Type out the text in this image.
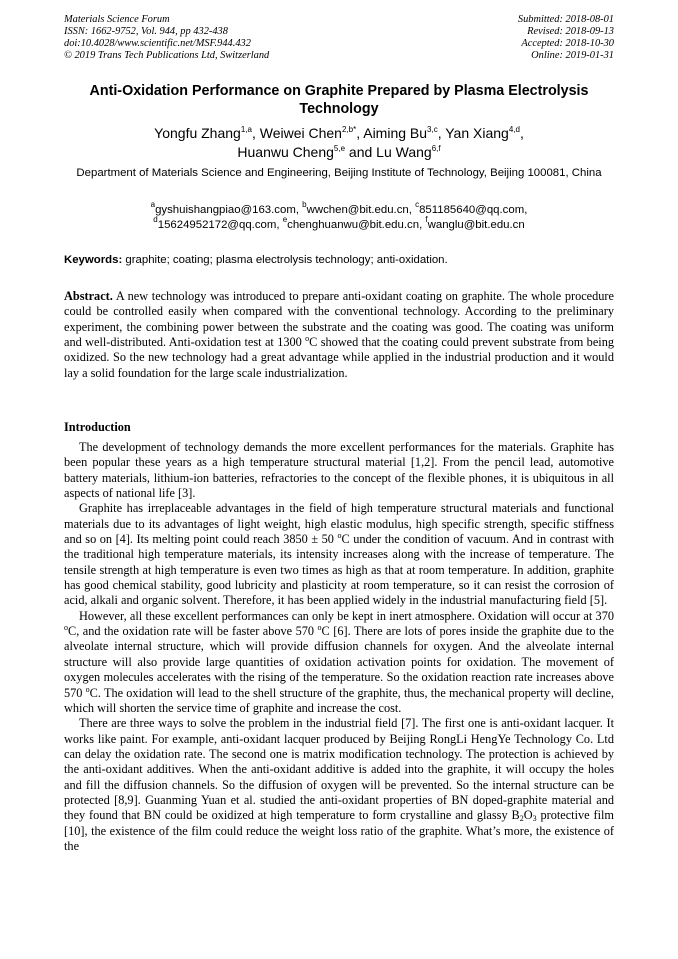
Materials Science Forum
ISSN: 1662-9752, Vol. 944, pp 432-438
doi:10.4028/www.scientific.net/MSF.944.432
© 2019 Trans Tech Publications Ltd, Switzerland
Submitted: 2018-08-01
Revised: 2018-09-13
Accepted: 2018-10-30
Online: 2019-01-31
Anti-Oxidation Performance on Graphite Prepared by Plasma Electrolysis Technology
Yongfu Zhang$^{1,a}$, Weiwei Chen$^{2,b*}$, Aiming Bu$^{3,c}$, Yan Xiang$^{4,d}$,
Huanwu Cheng$^{5,e}$ and Lu Wang$^{6,f}$
Department of Materials Science and Engineering, Beijing Institute of Technology, Beijing 100081, China
$^a$gyshuishangpiao@163.com, $^b$wwchen@bit.edu.cn, $^c$851185640@qq.com,
$^d$15624952172@qq.com, $^e$chenghuanwu@bit.edu.cn, $^f$wanglu@bit.edu.cn
Keywords: graphite; coating; plasma electrolysis technology; anti-oxidation.
Abstract. A new technology was introduced to prepare anti-oxidant coating on graphite. The whole procedure could be controlled easily when compared with the conventional technology. According to the preliminary experiment, the combining power between the substrate and the coating was good. The coating was uniform and well-distributed. Anti-oxidation test at 1300 $^o$C showed that the coating could prevent substrate from being oxidized. So the new technology had a great advantage while applied in the industrial production and it would lay a solid foundation for the large scale industrialization.
Introduction

The development of technology demands the more excellent performances for the materials. Graphite has been popular these years as a high temperature structural material [1,2]. From the pencil lead, automotive battery materials, lithium-ion batteries, refractories to the concept of the flexible phones, it is ubiquitous in all aspects of national life [3].

Graphite has irreplaceable advantages in the field of high temperature structural materials and functional materials due to its advantages of light weight, high elastic modulus, high specific strength, specific stiffness and so on [4]. Its melting point could reach 3850 ± 50 $^o$C under the condition of vacuum. And in contrast with the traditional high temperature materials, its intensity increases along with the increase of temperature. The tensile strength at high temperature is even two times as high as that at room temperature. In addition, graphite has good chemical stability, good lubricity and plasticity at room temperature, so it can resist the corrosion of acid, alkali and organic solvent. Therefore, it has been applied widely in the industrial manufacturing field [5].

However, all these excellent performances can only be kept in inert atmosphere. Oxidation will occur at 370 $^o$C, and the oxidation rate will be faster above 570 $^o$C [6]. There are lots of pores inside the graphite due to the alveolate internal structure, which will provide diffusion channels for oxygen. And the alveolate internal structure will also provide large quantities of oxidation activation points for oxidation. The movement of oxygen molecules accelerates with the rising of the temperature. So the oxidation reaction rate increases above 570 $^o$C. The oxidation will lead to the shell structure of the graphite, thus, the mechanical property will decline, which will shorten the service time of graphite and increase the cost.

There are three ways to solve the problem in the industrial field [7]. The first one is anti-oxidant lacquer. It works like paint. For example, anti-oxidant lacquer produced by Beijing RongLi HengYe Technology Co. Ltd can delay the oxidation rate. The second one is matrix modification technology. The protection is achieved by the anti-oxidant additives. When the anti-oxidant additive is added into the graphite, it will occupy the holes and fill the diffusion channels. So the diffusion of oxygen will be prevented. So the internal structure can be protected [8,9]. Guanming Yuan et al. studied the anti-oxidant properties of BN doped-graphite material and they found that BN could be oxidized at high temperature to form crystalline and glassy $B_2O_3$ protective film [10], the existence of the film could reduce the weight loss ratio of the graphite. What’s more, the existence of the
